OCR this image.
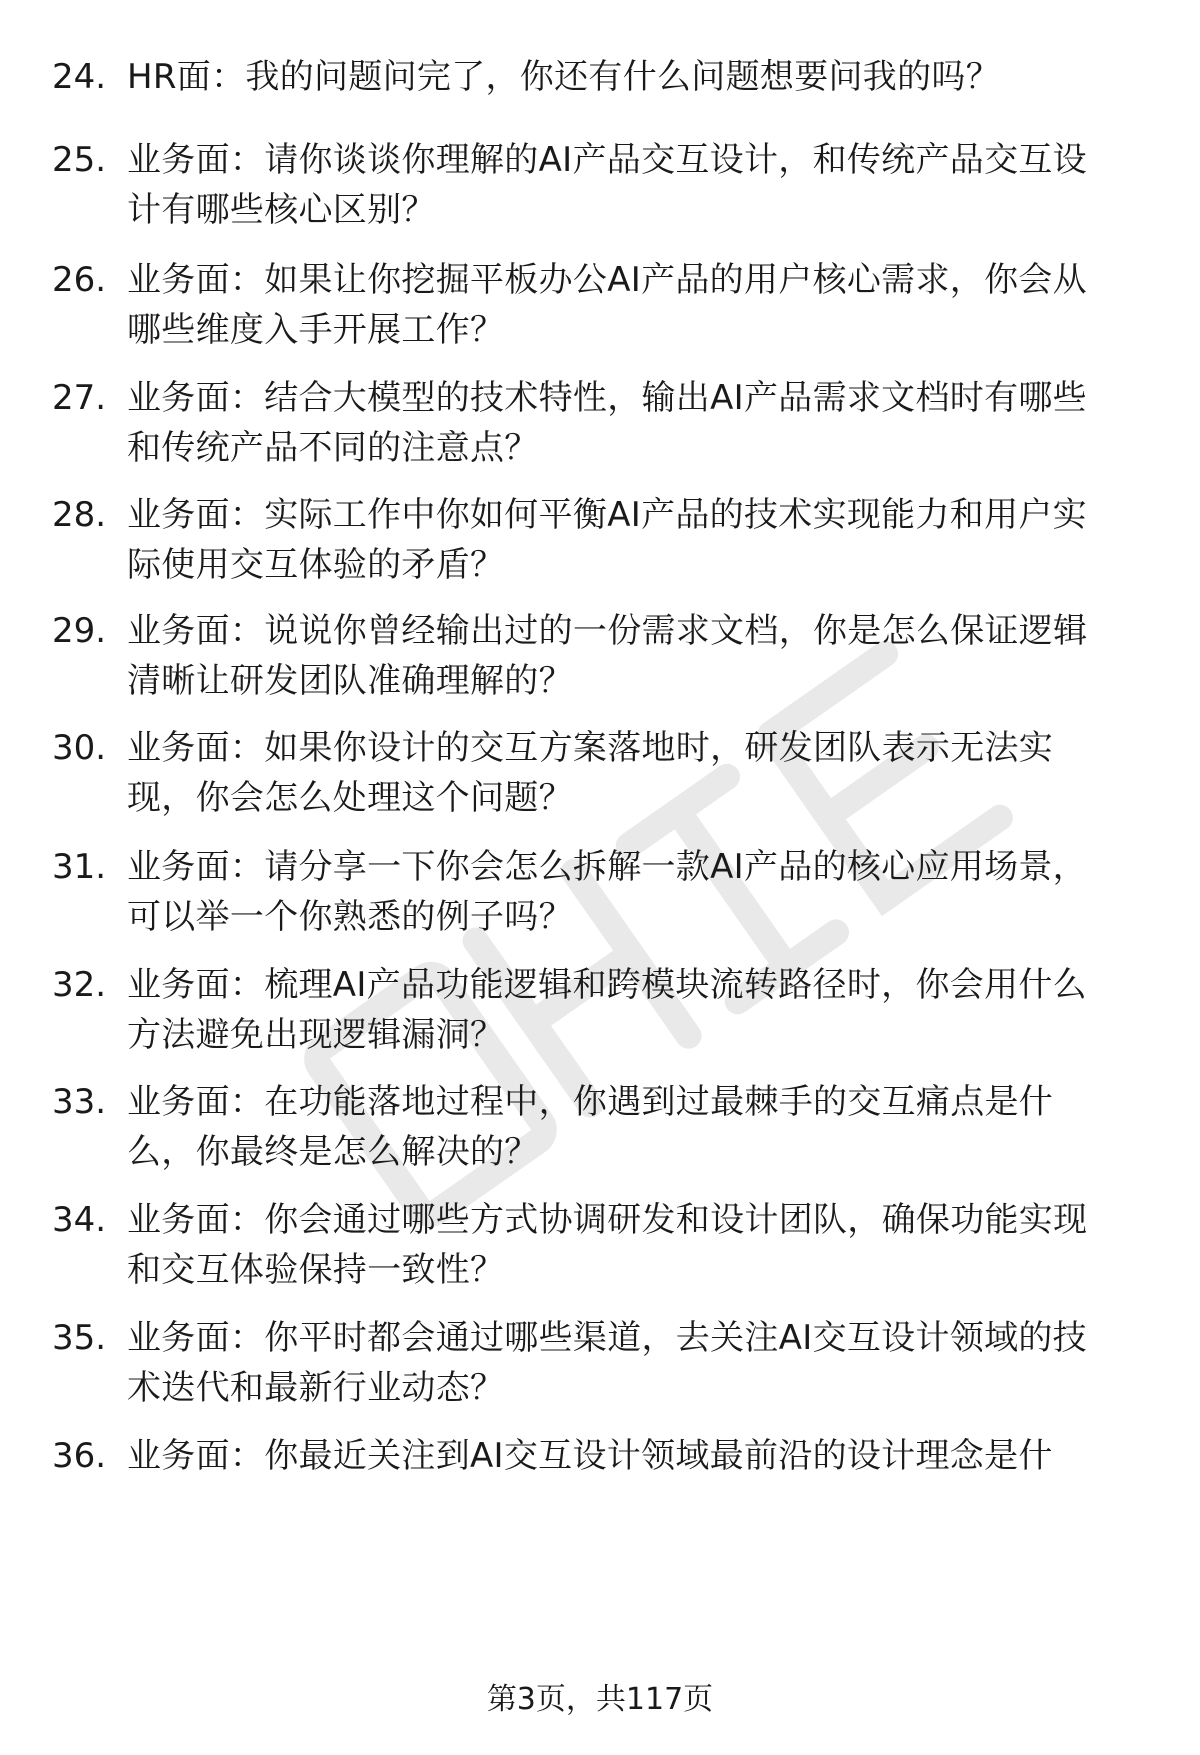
24. HR面：我的问题问完了，你还有什么问题想要问我的吗？
25. 业务面：请你谈谈你理解的AI产品交互设计，和传统产品交互设
计有哪些核心区别？
26. 业务面：如果让你挖掘平板办公AI产品的用户核心需求，你会从
哪些维度入手开展工作？
27. 业务面：结合大模型的技术特性，输出AI产品需求文档时有哪些
和传统产品不同的注意点？
28. 业务面：实际工作中你如何平衡AI产品的技术实现能力和用户实
际使用交互体验的矛盾？
29. 业务面：说说你曾经输出过的一份需求文档，你是怎么保证逻辑
清晰让研发团队准确理解的？
30. 业务面：如果你设计的交互方案落地时，研发团队表示无法实
现，你会怎么处理这个问题？
31. 业务面：请分享一下你会怎么拆解一款AI产品的核心应用场景，
可以举一个你熟悉的例子吗？
32. 业务面：梳理AI产品功能逻辑和跨模块流转路径时，你会用什么
方法避免出现逻辑漏洞？
33. 业务面：在功能落地过程中，你遇到过最棘手的交互痛点是什
么，你最终是怎么解决的？
34. 业务面：你会通过哪些方式协调研发和设计团队，确保功能实现
和交互体验保持一致性？
35. 业务面：你平时都会通过哪些渠道，去关注AI交互设计领域的技
术迭代和最新行业动态？
36. 业务面：你最近关注到AI交互设计领域最前沿的设计理念是什
第3页，共117页
